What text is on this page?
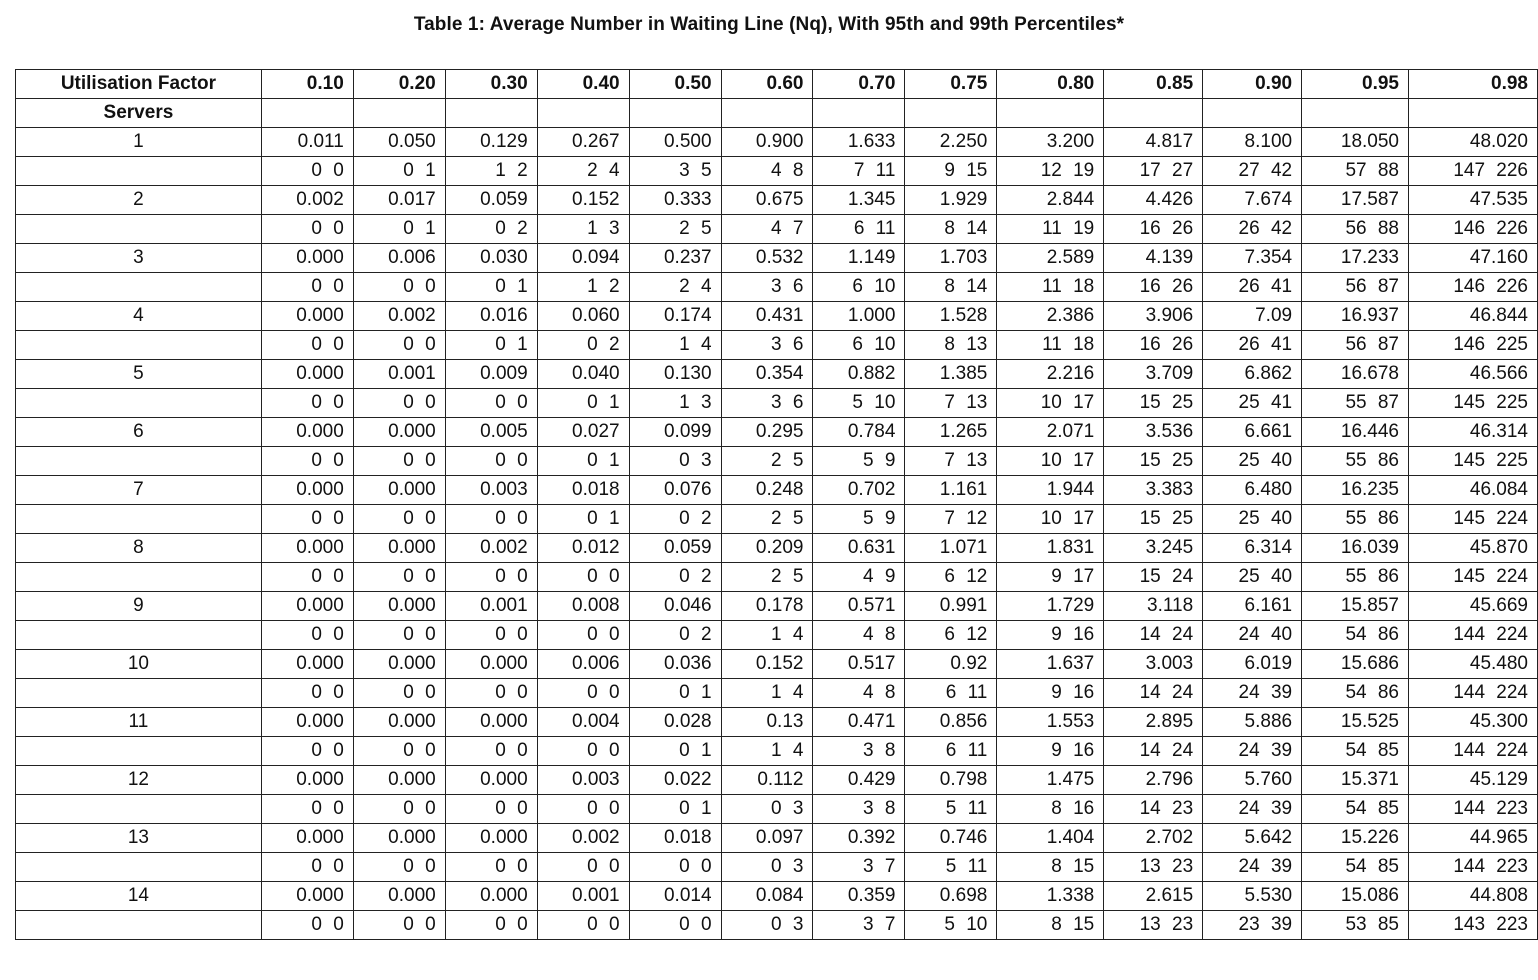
Table 1: Average Number in Waiting Line (Nq), With 95th and 99th Percentiles*
Utilisation Factor	0.10	0.20	0.30	0.40	0.50	0.60	0.70	0.75	0.80	0.85	0.90	0.95	0.98
Servers													
1	0.011	0.050	0.129	0.267	0.500	0.900	1.633	2.250	3.200	4.817	8.100	18.050	48.020
	0 0	0 1	1 2	2 4	3 5	4 8	7 11	9 15	12 19	17 27	27 42	57 88	147 226
2	0.002	0.017	0.059	0.152	0.333	0.675	1.345	1.929	2.844	4.426	7.674	17.587	47.535
	0 0	0 1	0 2	1 3	2 5	4 7	6 11	8 14	11 19	16 26	26 42	56 88	146 226
3	0.000	0.006	0.030	0.094	0.237	0.532	1.149	1.703	2.589	4.139	7.354	17.233	47.160
	0 0	0 0	0 1	1 2	2 4	3 6	6 10	8 14	11 18	16 26	26 41	56 87	146 226
4	0.000	0.002	0.016	0.060	0.174	0.431	1.000	1.528	2.386	3.906	7.09	16.937	46.844
	0 0	0 0	0 1	0 2	1 4	3 6	6 10	8 13	11 18	16 26	26 41	56 87	146 225
5	0.000	0.001	0.009	0.040	0.130	0.354	0.882	1.385	2.216	3.709	6.862	16.678	46.566
	0 0	0 0	0 0	0 1	1 3	3 6	5 10	7 13	10 17	15 25	25 41	55 87	145 225
6	0.000	0.000	0.005	0.027	0.099	0.295	0.784	1.265	2.071	3.536	6.661	16.446	46.314
	0 0	0 0	0 0	0 1	0 3	2 5	5 9	7 13	10 17	15 25	25 40	55 86	145 225
7	0.000	0.000	0.003	0.018	0.076	0.248	0.702	1.161	1.944	3.383	6.480	16.235	46.084
	0 0	0 0	0 0	0 1	0 2	2 5	5 9	7 12	10 17	15 25	25 40	55 86	145 224
8	0.000	0.000	0.002	0.012	0.059	0.209	0.631	1.071	1.831	3.245	6.314	16.039	45.870
	0 0	0 0	0 0	0 0	0 2	2 5	4 9	6 12	9 17	15 24	25 40	55 86	145 224
9	0.000	0.000	0.001	0.008	0.046	0.178	0.571	0.991	1.729	3.118	6.161	15.857	45.669
	0 0	0 0	0 0	0 0	0 2	1 4	4 8	6 12	9 16	14 24	24 40	54 86	144 224
10	0.000	0.000	0.000	0.006	0.036	0.152	0.517	0.92	1.637	3.003	6.019	15.686	45.480
	0 0	0 0	0 0	0 0	0 1	1 4	4 8	6 11	9 16	14 24	24 39	54 86	144 224
11	0.000	0.000	0.000	0.004	0.028	0.13	0.471	0.856	1.553	2.895	5.886	15.525	45.300
	0 0	0 0	0 0	0 0	0 1	1 4	3 8	6 11	9 16	14 24	24 39	54 85	144 224
12	0.000	0.000	0.000	0.003	0.022	0.112	0.429	0.798	1.475	2.796	5.760	15.371	45.129
	0 0	0 0	0 0	0 0	0 1	0 3	3 8	5 11	8 16	14 23	24 39	54 85	144 223
13	0.000	0.000	0.000	0.002	0.018	0.097	0.392	0.746	1.404	2.702	5.642	15.226	44.965
	0 0	0 0	0 0	0 0	0 0	0 3	3 7	5 11	8 15	13 23	24 39	54 85	144 223
14	0.000	0.000	0.000	0.001	0.014	0.084	0.359	0.698	1.338	2.615	5.530	15.086	44.808
	0 0	0 0	0 0	0 0	0 0	0 3	3 7	5 10	8 15	13 23	23 39	53 85	143 223
